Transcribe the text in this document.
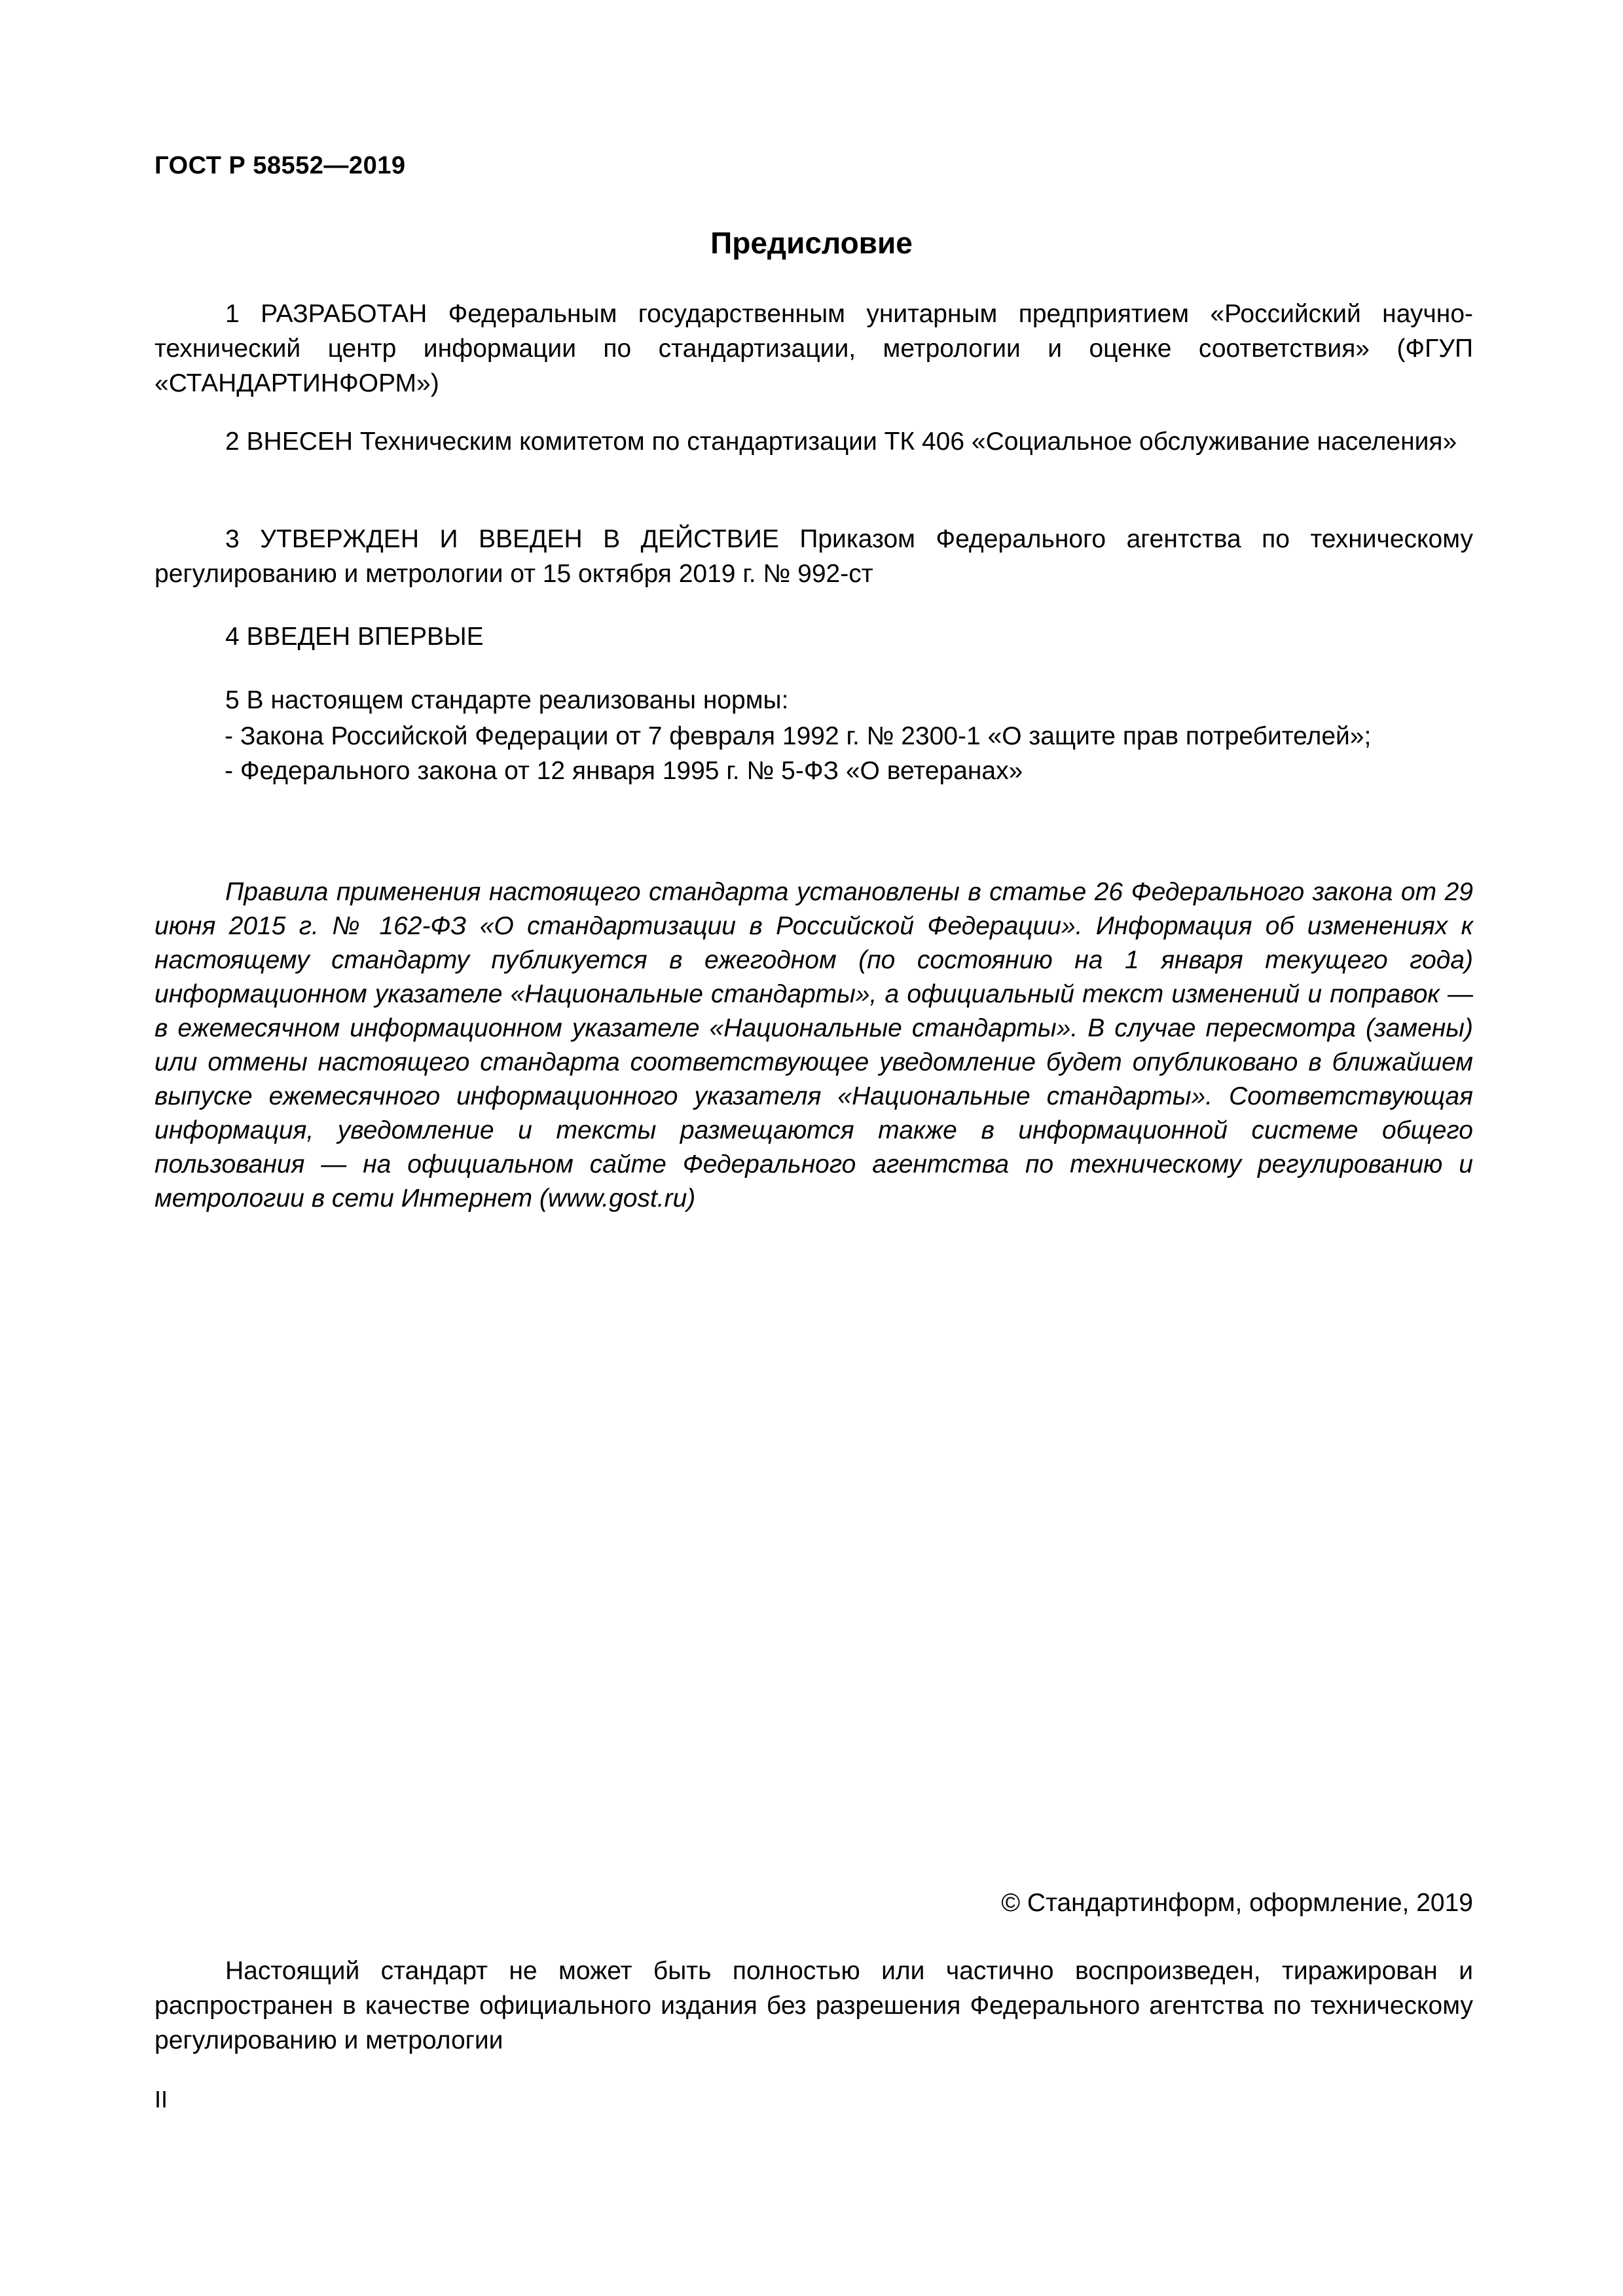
ГОСТ Р 58552—2019
Предисловие
1 РАЗРАБОТАН Федеральным государственным унитарным предприятием «Российский научно-технический центр информации по стандартизации, метрологии и оценке соответствия» (ФГУП «СТАНДАРТИНФОРМ»)
2 ВНЕСЕН Техническим комитетом по стандартизации ТК 406 «Социальное обслуживание населения»
3 УТВЕРЖДЕН И ВВЕДЕН В ДЕЙСТВИЕ Приказом Федерального агентства по техническому регулированию и метрологии от 15 октября 2019 г. № 992-ст
4 ВВЕДЕН ВПЕРВЫЕ
5 В настоящем стандарте реализованы нормы:
- Закона Российской Федерации от 7 февраля 1992 г. № 2300-1 «О защите прав потребителей»;
- Федерального закона от 12 января 1995 г. № 5-ФЗ «О ветеранах»
Правила применения настоящего стандарта установлены в статье 26 Федерального закона от 29 июня 2015 г. № 162-ФЗ «О стандартизации в Российской Федерации». Информация об изменениях к настоящему стандарту публикуется в ежегодном (по состоянию на 1 января текущего года) информационном указателе «Национальные стандарты», а официальный текст изменений и поправок — в ежемесячном информационном указателе «Национальные стандарты». В случае пересмотра (замены) или отмены настоящего стандарта соответствующее уведомление будет опубликовано в ближайшем выпуске ежемесячного информационного указателя «Национальные стандарты». Соответствующая информация, уведомление и тексты размещаются также в информационной системе общего пользования — на официальном сайте Федерального агентства по техническому регулированию и метрологии в сети Интернет (www.gost.ru)
© Стандартинформ, оформление, 2019
Настоящий стандарт не может быть полностью или частично воспроизведен, тиражирован и распространен в качестве официального издания без разрешения Федерального агентства по техническому регулированию и метрологии
II
